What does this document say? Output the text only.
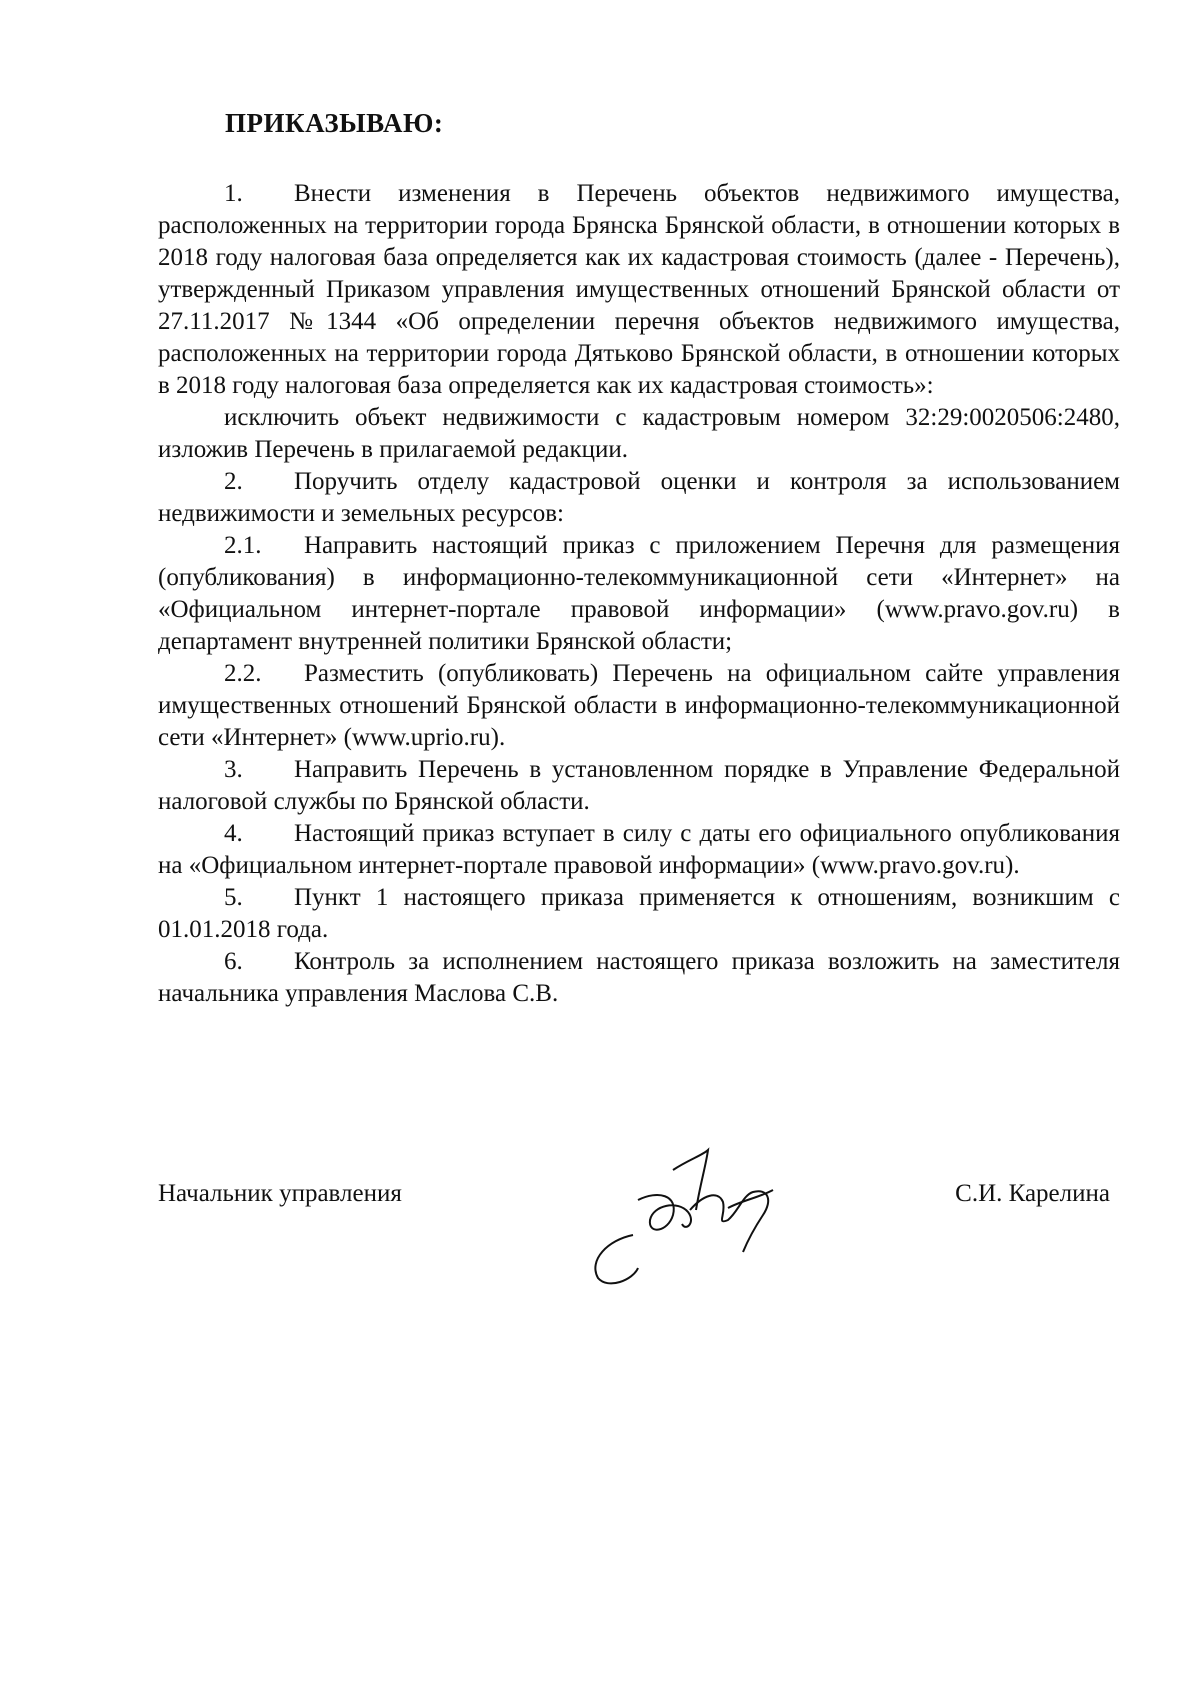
ПРИКАЗЫВАЮ:

1. Внести изменения в Перечень объектов недвижимого имущества, расположенных на территории города Брянска Брянской области, в отношении которых в 2018 году налоговая база определяется как их кадастровая стоимость (далее - Перечень), утвержденный Приказом управления имущественных отношений Брянской области от 27.11.2017 №1344 «Об определении перечня объектов недвижимого имущества, расположенных на территории города Дятьково Брянской области, в отношении которых в 2018 году налоговая база определяется как их кадастровая стоимость»:

исключить объект недвижимости с кадастровым номером 32:29:0020506:2480, изложив Перечень в прилагаемой редакции.

2. Поручить отделу кадастровой оценки и контроля за использованием недвижимости и земельных ресурсов:

2.1. Направить настоящий приказ с приложением Перечня для размещения (опубликования) в информационно-телекоммуникационной сети «Интернет» на «Официальном интернет-портале правовой информации» (www.pravo.gov.ru) в департамент внутренней политики Брянской области;

2.2. Разместить (опубликовать) Перечень на официальном сайте управления имущественных отношений Брянской области в информационно-телекоммуникационной сети «Интернет» (www.uprio.ru).

3. Направить Перечень в установленном порядке в Управление Федеральной налоговой службы по Брянской области.

4. Настоящий приказ вступает в силу с даты его официального опубликования на «Официальном интернет-портале правовой информации» (www.pravo.gov.ru).

5. Пункт 1 настоящего приказа применяется к отношениям, возникшим с 01.01.2018 года.

6. Контроль за исполнением настоящего приказа возложить на заместителя начальника управления Маслова С.В.

Начальник управления	С.И. Карелина
